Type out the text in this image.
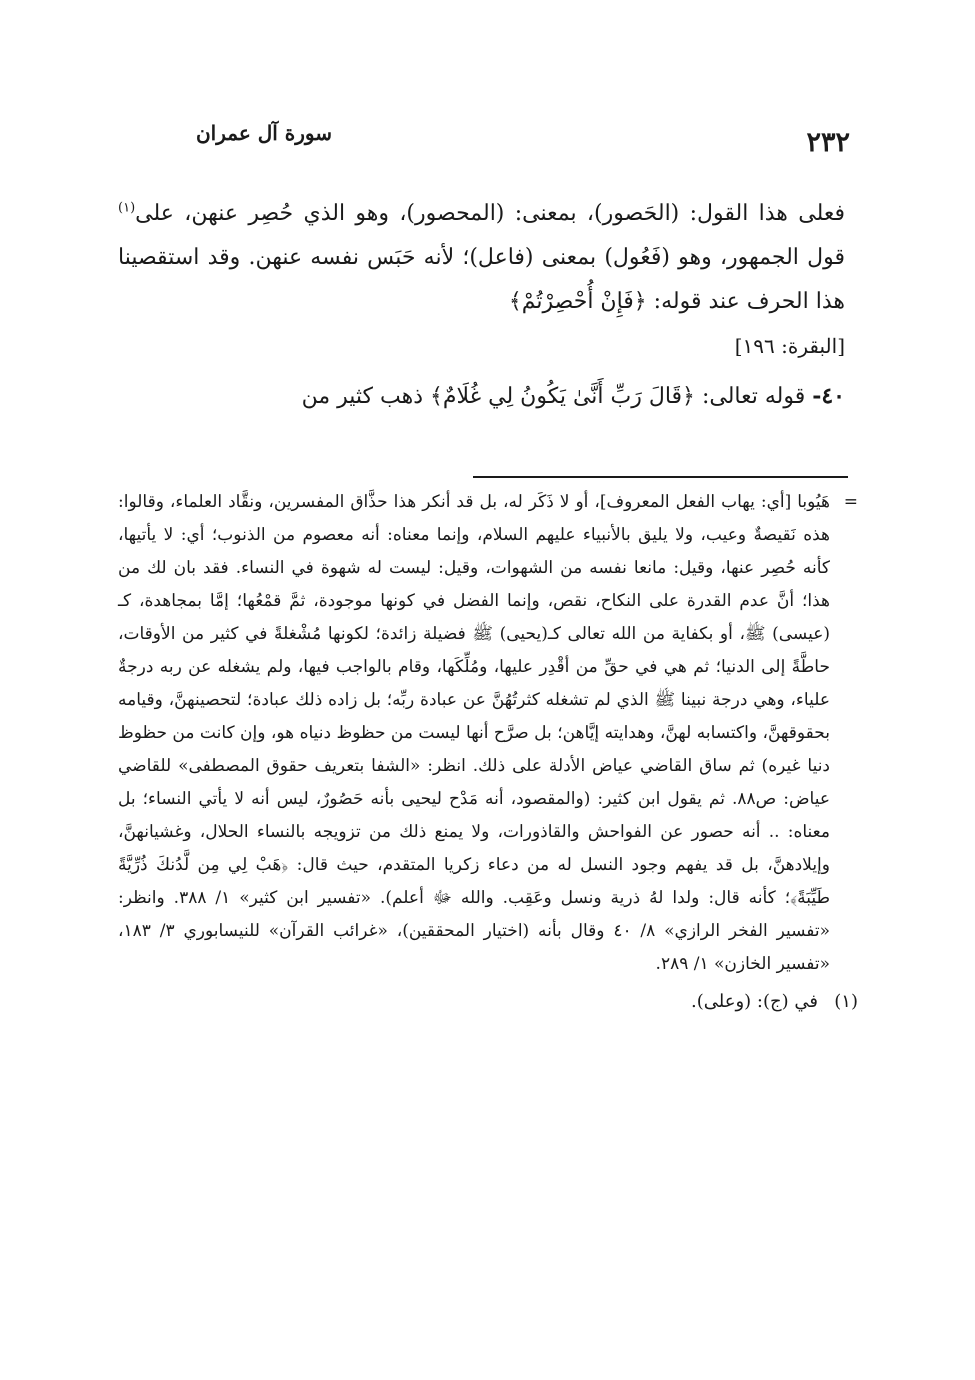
٢٣٢
سورة آل عمران

فعلى هذا القول: (الحَصور)، بمعنى: (المحصور)، وهو الذي حُصِر عنهن، على$^{(١)}$ قول الجمهور، وهو (فَعُول) بمعنى (فاعل)؛ لأنه حَبَس نفسه عنهن. وقد استقصينا هذا الحرف عند قوله: ﴿فَإِنْ أُحْصِرْتُمْ﴾
[البقرة: ١٩٦]

٤٠- قوله تعالى: ﴿قَالَ رَبِّ أَنَّىٰ يَكُونُ لِي غُلَامٌ﴾ ذهب كثير من

=
هَيُوبا [أي: يهاب الفعل المعروف]، أو لا ذَكَر له، بل قد أنكر هذا حذَّاق المفسرين، ونقَّاد العلماء، وقالوا: هذه نَقيصةٌ وعيب، ولا يليق بالأنبياء عليهم السلام، وإنما معناه: أنه معصوم من الذنوب؛ أي: لا يأتيها، كأنه حُصِر عنها، وقيل: مانعا نفسه من الشهوات، وقيل: ليست له شهوة في النساء. فقد بان لك من هذا؛ أنَّ عدم القدرة على النكاح، نقص، وإنما الفضل في كونها موجودة، ثمَّ قمْعُها؛ إمَّا بمجاهدة، كـ (عيسى) ﷺ، أو بكفاية من الله تعالى كـ(يحيى) ﷺ فضيلة زائدة؛ لكونها مُشْغلةً في كثير من الأوقات، حاطَّةً إلى الدنيا؛ ثم هي في حقِّ من أقْدِر عليها، ومُلِّكَها، وقام بالواجب فيها، ولم يشغله عن ربه درجةٌ علياء، وهي درجة نبينا ﷺ الذي لم تشغله كثرتُهُنَّ عن عبادة ربِّه؛ بل زاده ذلك عبادة؛ لتحصينهنَّ، وقيامه بحقوقهنَّ، واكتسابه لهنَّ، وهدايته إيَّاهن؛ بل صرَّح أنها ليست من حظوظ دنياه هو، وإن كانت من حظوظ دنيا غيره) ثم ساق القاضي عياض الأدلة على ذلك. انظر: «الشفا بتعريف حقوق المصطفى» للقاضي عياض: ص٨٨. ثم يقول ابن كثير: (والمقصود، أنه مَدْح ليحيى بأنه حَصُورٌ، ليس أنه لا يأتي النساء؛ بل معناه: .. أنه حصور عن الفواحش والقاذورات، ولا يمنع ذلك من تزويجه بالنساء الحلال، وغشيانهنَّ، وإيلادهنَّ، بل قد يفهم وجود النسل له من دعاء زكريا المتقدم، حيث قال: ﴿هَبْ لِي مِن لَّدُنكَ ذُرِّيَّةً طَيِّبَةً﴾؛ كأنه قال: ولدا لهُ ذرية ونسل وعَقِب. والله ﷻ أعلم). «تفسير ابن كثير» ١/ ٣٨٨. وانظر: «تفسير الفخر الرازي» ٨/ ٤٠ وقال بأنه (اختيار المحققين)، «غرائب القرآن» للنيسابوري ٣/ ١٨٣، «تفسير الخازن» ١/ ٢٨٩.

(١)في (ج): (وعلى).
